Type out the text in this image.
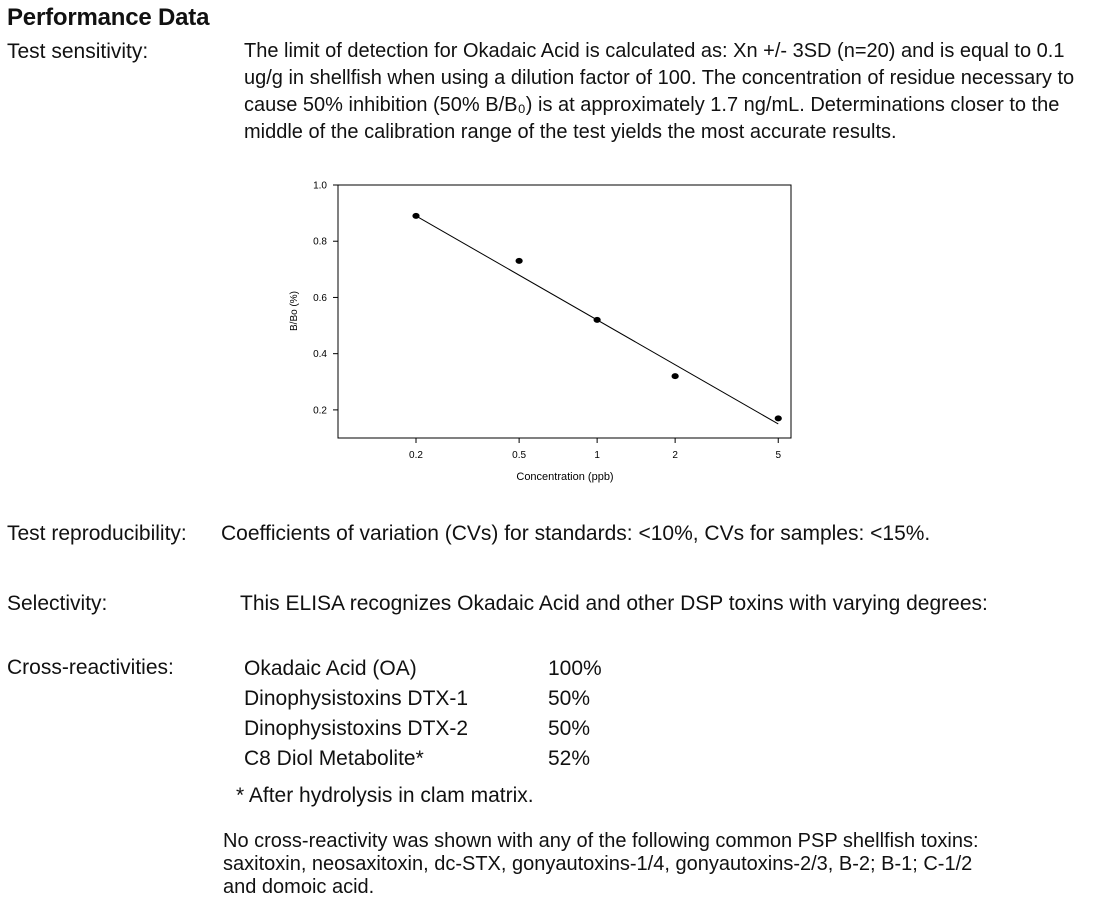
Performance Data
Test sensitivity:	The limit of detection for Okadaic Acid is calculated as: Xn +/- 3SD (n=20) and is equal to 0.1

ug/g in shellfish when using a dilution factor of 100. The concentration of residue necessary to

cause 50% inhibition (50% B/B₀) is at approximately 1.7 ng/mL. Determinations closer to the

middle of the calibration range of the test yields the most accurate results.

0.2
0.4
0.6
0.8
1.0
0.2	0.5	1	2	5
B/Bo (%)
Concentration (ppb)
Test reproducibility: Coefficients of variation (CVs) for standards: <10%, CVs for samples: <15%.
Selectivity:	This ELISA recognizes Okadaic Acid and other DSP toxins with varying degrees:
Cross-reactivities:	Okadaic Acid (OA)	100%
Dinophysistoxins DTX-1	50%
Dinophysistoxins DTX-2	50%
C8 Diol Metabolite*	52%
* After hydrolysis in clam matrix.

No cross-reactivity was shown with any of the following common PSP shellfish toxins:

saxitoxin, neosaxitoxin, dc-STX, gonyautoxins-1/4, gonyautoxins-2/3, B-2; B-1; C-1/2

and domoic acid.
